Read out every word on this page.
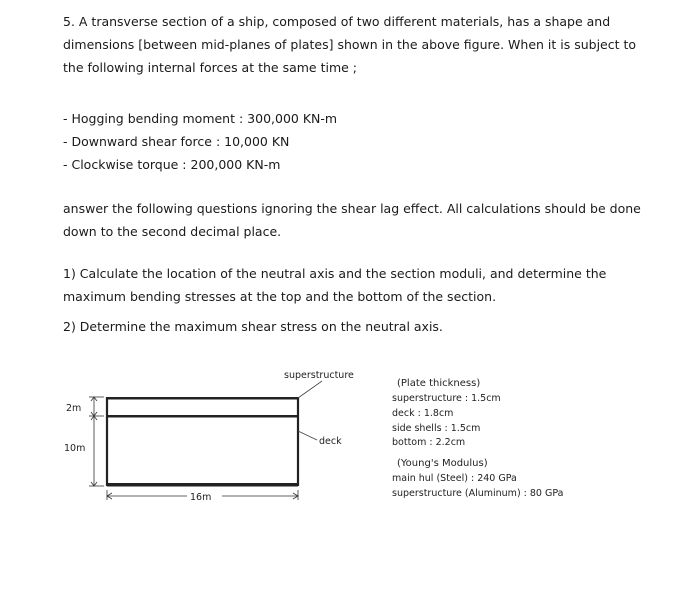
5. A transverse section of a ship, composed of two different materials, has a shape and dimensions [between mid-planes of plates] shown in the above figure. When it is subject to the following internal forces at the same time ;
- Hogging bending moment : 300,000 KN-m
- Downward shear force : 10,000 KN
- Clockwise torque : 200,000 KN-m
answer the following questions ignoring the shear lag effect. All calculations should be done down to the second decimal place.
1) Calculate the location of the neutral axis and the section moduli, and determine the maximum bending stresses at the top and the bottom of the section.
2) Determine the maximum shear stress on the neutral axis.
superstructure
deck
2m
10m
16m
(Plate thickness)
superstructure : 1.5cm
deck : 1.8cm
side shells : 1.5cm
bottom : 2.2cm
(Young's Modulus)
main hul (Steel) : 240 GPa
superstructure (Aluminum) : 80 GPa
